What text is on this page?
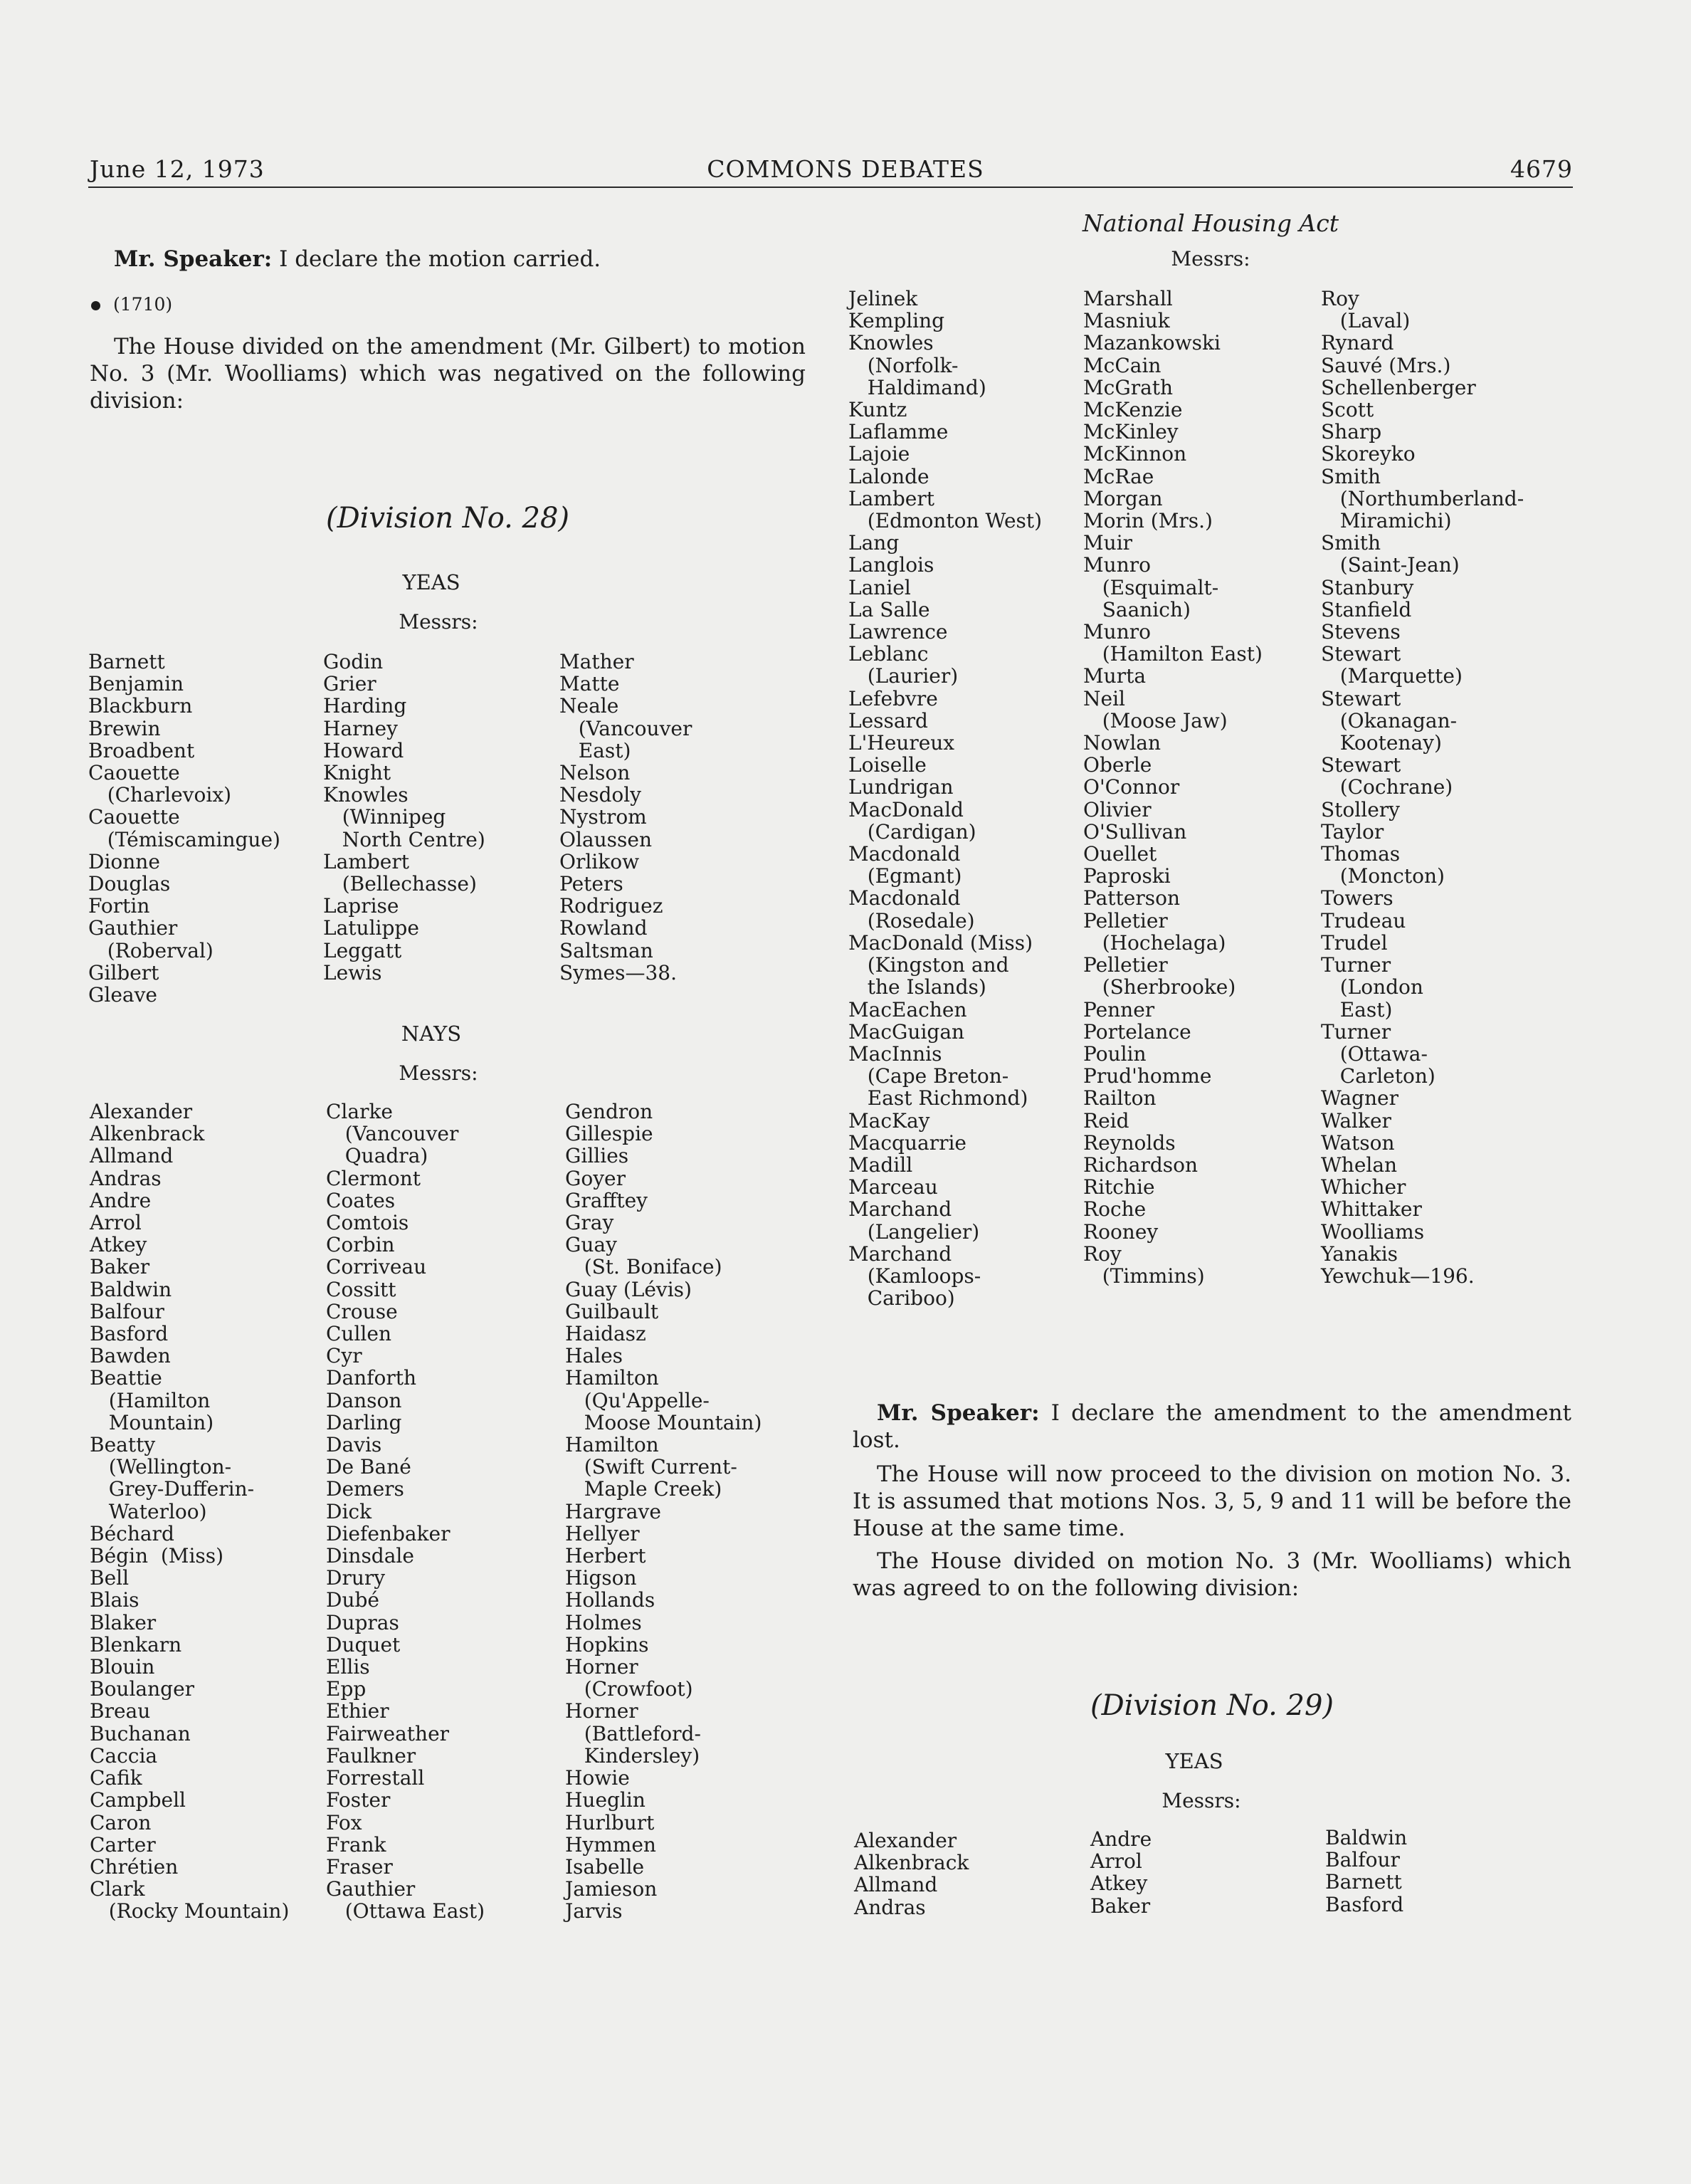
June 12, 1973	COMMONS DEBATES	4679
Mr. Speaker: I declare the motion carried.
(1710)
The House divided on the amendment (Mr. Gilbert) to motion No. 3 (Mr. Woolliams) which was negatived on the following division:
(Division No. 28)
YEAS
Messrs:
Barnett
Benjamin
Blackburn
Brewin
Broadbent
Caouette
(Charlevoix)
Caouette
(Témiscamingue)
Dionne
Douglas
Fortin
Gauthier
(Roberval)
Gilbert
Gleave
Godin
Grier
Harding
Harney
Howard
Knight
Knowles
(Winnipeg
North Centre)
Lambert
(Bellechasse)
Laprise
Latulippe
Leggatt
Lewis
Mather
Matte
Neale
(Vancouver
East)
Nelson
Nesdoly
Nystrom
Olaussen
Orlikow
Peters
Rodriguez
Rowland
Saltsman
Symes—38.
NAYS
Messrs:
Alexander
Alkenbrack
Allmand
Andras
Andre
Arrol
Atkey
Baker
Baldwin
Balfour
Basford
Bawden
Beattie
(Hamilton
Mountain)
Beatty
(Wellington-
Grey-Dufferin-
Waterloo)
Béchard
Bégin  (Miss)
Bell
Blais
Blaker
Blenkarn
Blouin
Boulanger
Breau
Buchanan
Caccia
Cafik
Campbell
Caron
Carter
Chrétien
Clark
(Rocky Mountain)
Clarke
(Vancouver
Quadra)
Clermont
Coates
Comtois
Corbin
Corriveau
Cossitt
Crouse
Cullen
Cyr
Danforth
Danson
Darling
Davis
De Bané
Demers
Dick
Diefenbaker
Dinsdale
Drury
Dubé
Dupras
Duquet
Ellis
Epp
Ethier
Fairweather
Faulkner
Forrestall
Foster
Fox
Frank
Fraser
Gauthier
(Ottawa East)
Gendron
Gillespie
Gillies
Goyer
Grafftey
Gray
Guay
(St. Boniface)
Guay (Lévis)
Guilbault
Haidasz
Hales
Hamilton
(Qu'Appelle-
Moose Mountain)
Hamilton
(Swift Current-
Maple Creek)
Hargrave
Hellyer
Herbert
Higson
Hollands
Holmes
Hopkins
Horner
(Crowfoot)
Horner
(Battleford-
Kindersley)
Howie
Hueglin
Hurlburt
Hymmen
Isabelle
Jamieson
Jarvis
National Housing Act
Messrs:
Jelinek
Kempling
Knowles
(Norfolk-
Haldimand)
Kuntz
Laflamme
Lajoie
Lalonde
Lambert
(Edmonton West)
Lang
Langlois
Laniel
La Salle
Lawrence
Leblanc
(Laurier)
Lefebvre
Lessard
L'Heureux
Loiselle
Lundrigan
MacDonald
(Cardigan)
Macdonald
(Egmant)
Macdonald
(Rosedale)
MacDonald (Miss)
(Kingston and
the Islands)
MacEachen
MacGuigan
MacInnis
(Cape Breton-
East Richmond)
MacKay
Macquarrie
Madill
Marceau
Marchand
(Langelier)
Marchand
(Kamloops-
Cariboo)
Marshall
Masniuk
Mazankowski
McCain
McGrath
McKenzie
McKinley
McKinnon
McRae
Morgan
Morin (Mrs.)
Muir
Munro
(Esquimalt-
Saanich)
Munro
(Hamilton East)
Murta
Neil
(Moose Jaw)
Nowlan
Oberle
O'Connor
Olivier
O'Sullivan
Ouellet
Paproski
Patterson
Pelletier
(Hochelaga)
Pelletier
(Sherbrooke)
Penner
Portelance
Poulin
Prud'homme
Railton
Reid
Reynolds
Richardson
Ritchie
Roche
Rooney
Roy
(Timmins)
Roy
(Laval)
Rynard
Sauvé (Mrs.)
Schellenberger
Scott
Sharp
Skoreyko
Smith
(Northumberland-
Miramichi)
Smith
(Saint-Jean)
Stanbury
Stanfield
Stevens
Stewart
(Marquette)
Stewart
(Okanagan-
Kootenay)
Stewart
(Cochrane)
Stollery
Taylor
Thomas
(Moncton)
Towers
Trudeau
Trudel
Turner
(London
East)
Turner
(Ottawa-
Carleton)
Wagner
Walker
Watson
Whelan
Whicher
Whittaker
Woolliams
Yanakis
Yewchuk—196.
Mr. Speaker: I declare the amendment to the amendment lost.
The House will now proceed to the division on motion No. 3. It is assumed that motions Nos. 3, 5, 9 and 11 will be before the House at the same time.
The House divided on motion No. 3 (Mr. Woolliams) which was agreed to on the following division:
(Division No. 29)
YEAS
Messrs:
Alexander
Alkenbrack
Allmand
Andras
Andre
Arrol
Atkey
Baker
Baldwin
Balfour
Barnett
Basford
